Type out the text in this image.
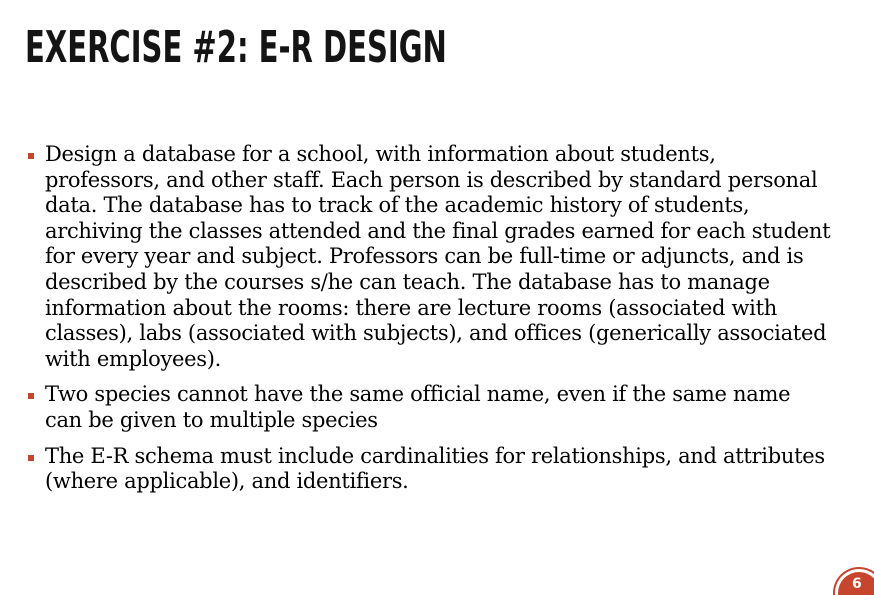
EXERCISE #2: E-R DESIGN
Design a database for a school, with information about students, professors, and other staff. Each person is described by standard personal data. The database has to track of the academic history of students, archiving the classes attended and the final grades earned for each student for every year and subject. Professors can be full-time or adjuncts, and is described by the courses s/he can teach. The database has to manage information about the rooms: there are lecture rooms (associated with classes), labs (associated with subjects), and offices (generically associated with employees).
Two species cannot have the same official name, even if the same name can be given to multiple species
The E-R schema must include cardinalities for relationships, and attributes (where applicable), and identifiers.
6
